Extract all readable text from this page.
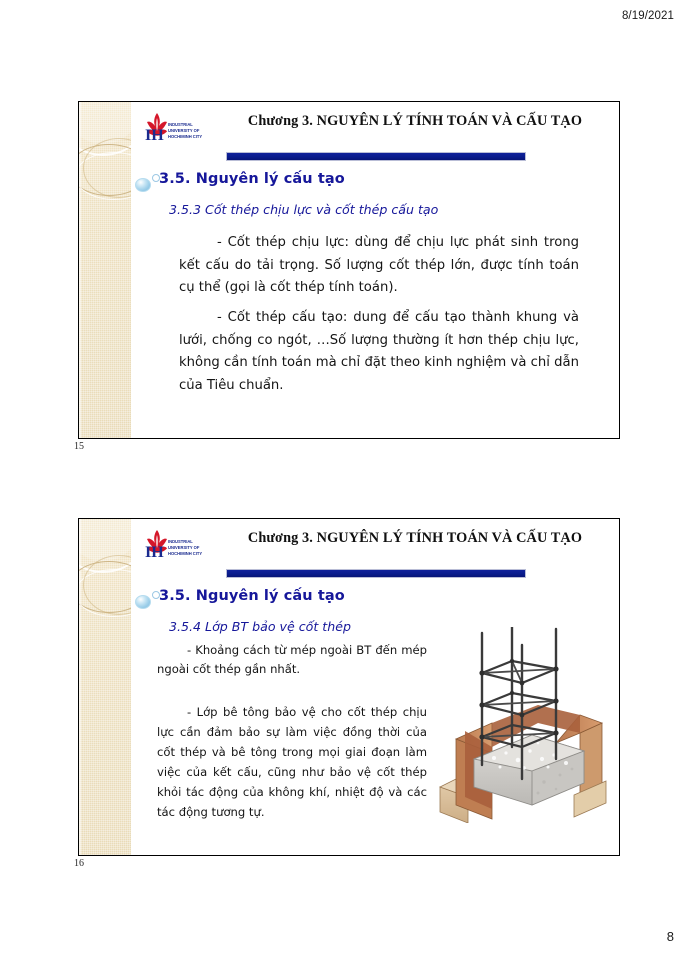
8/19/2021
8
IH
INDUSTRIAL
UNIVERSITY OF
HOCHIMINH CITY
Chương 3. NGUYÊN LÝ TÍNH TOÁN VÀ CẤU TẠO
3.5. Nguyên lý cấu tạo
3.5.3 Cốt thép chịu lực và cốt thép cấu tạo
- Cốt thép chịu lực: dùng để chịu lực phát sinh trong kết cấu do tải trọng. Số lượng cốt thép lớn, được tính toán cụ thể (gọi là cốt thép tính toán).
- Cốt thép cấu tạo: dung để cấu tạo thành khung và lưới, chống co ngót, …Số lượng thường ít hơn thép chịu lực, không cần tính toán mà chỉ đặt theo kinh nghiệm và chỉ dẫn của Tiêu chuẩn.
15
IH
INDUSTRIAL
UNIVERSITY OF
HOCHIMINH CITY
Chương 3. NGUYÊN LÝ TÍNH TOÁN VÀ CẤU TẠO
3.5. Nguyên lý cấu tạo
3.5.4 Lớp BT bảo vệ cốt thép
- Khoảng cách từ mép ngoài BT đến mép ngoài cốt thép gần nhất.
- Lớp bê tông bảo vệ cho cốt thép chịu lực cần đảm bảo sự làm việc đồng thời của cốt thép và bê tông trong mọi giai đoạn làm việc của kết cấu, cũng như bảo vệ cốt thép khỏi tác động của không khí, nhiệt độ và các tác động tương tự.
16
